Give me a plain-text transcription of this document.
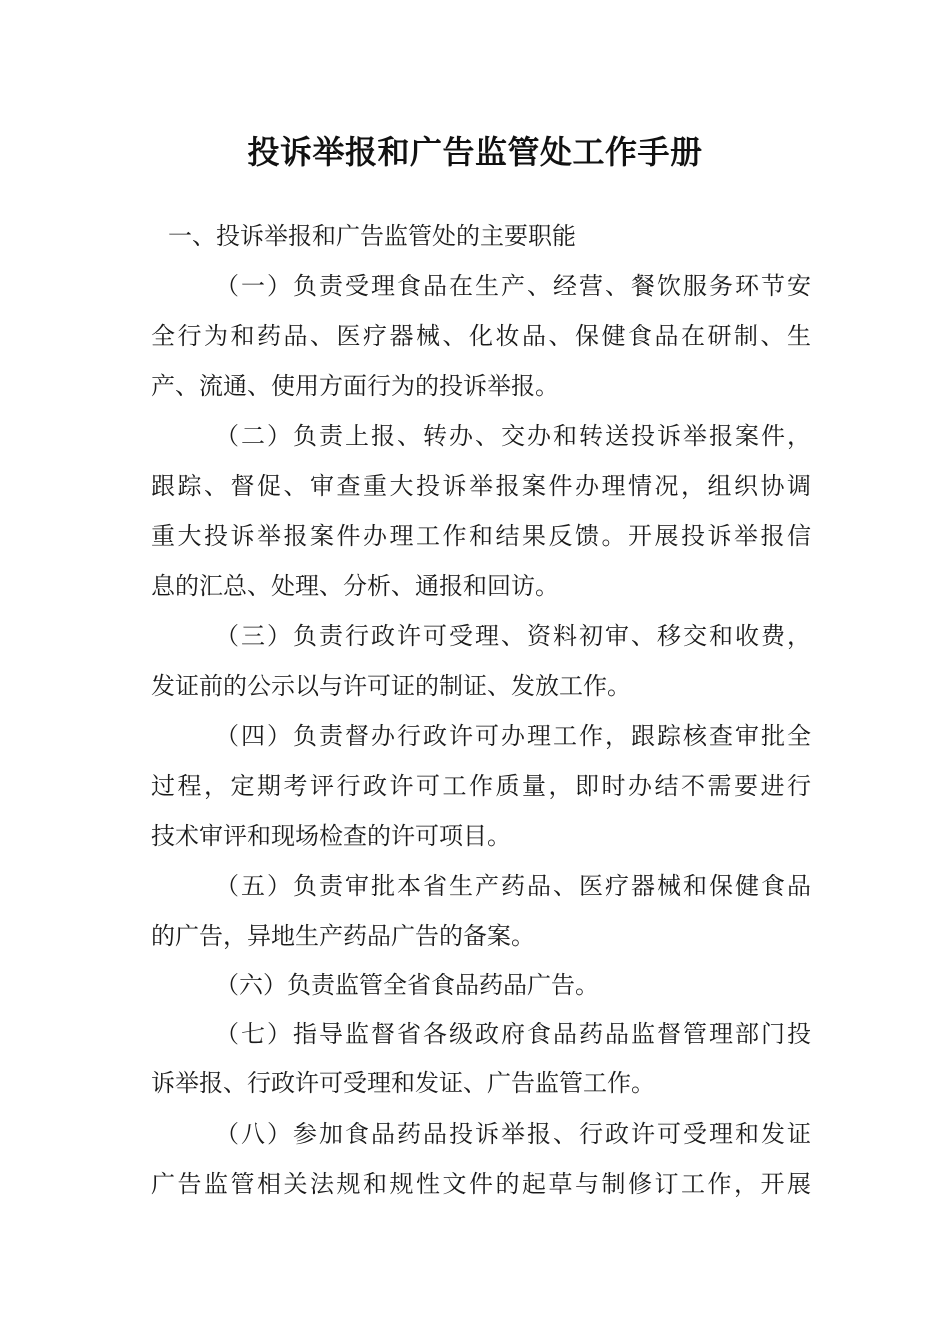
投诉举报和广告监管处工作手册
一、投诉举报和广告监管处的主要职能
（一）负责受理食品在生产、经营、餐饮服务环节安
全行为和药品、医疗器械、化妆品、保健食品在研制、生
产、流通、使用方面行为的投诉举报。
（二）负责上报、转办、交办和转送投诉举报案件，
跟踪、督促、审查重大投诉举报案件办理情况，组织协调
重大投诉举报案件办理工作和结果反馈。开展投诉举报信
息的汇总、处理、分析、通报和回访。
（三）负责行政许可受理、资料初审、移交和收费，
发证前的公示以与许可证的制证、发放工作。
（四）负责督办行政许可办理工作，跟踪核查审批全
过程，定期考评行政许可工作质量，即时办结不需要进行
技术审评和现场检查的许可项目。
（五）负责审批本省生产药品、医疗器械和保健食品
的广告，异地生产药品广告的备案。
（六）负责监管全省食品药品广告。
（七）指导监督省各级政府食品药品监督管理部门投
诉举报、行政许可受理和发证、广告监管工作。
（八）参加食品药品投诉举报、行政许可受理和发证
广告监管相关法规和规性文件的起草与制修订工作，开展
